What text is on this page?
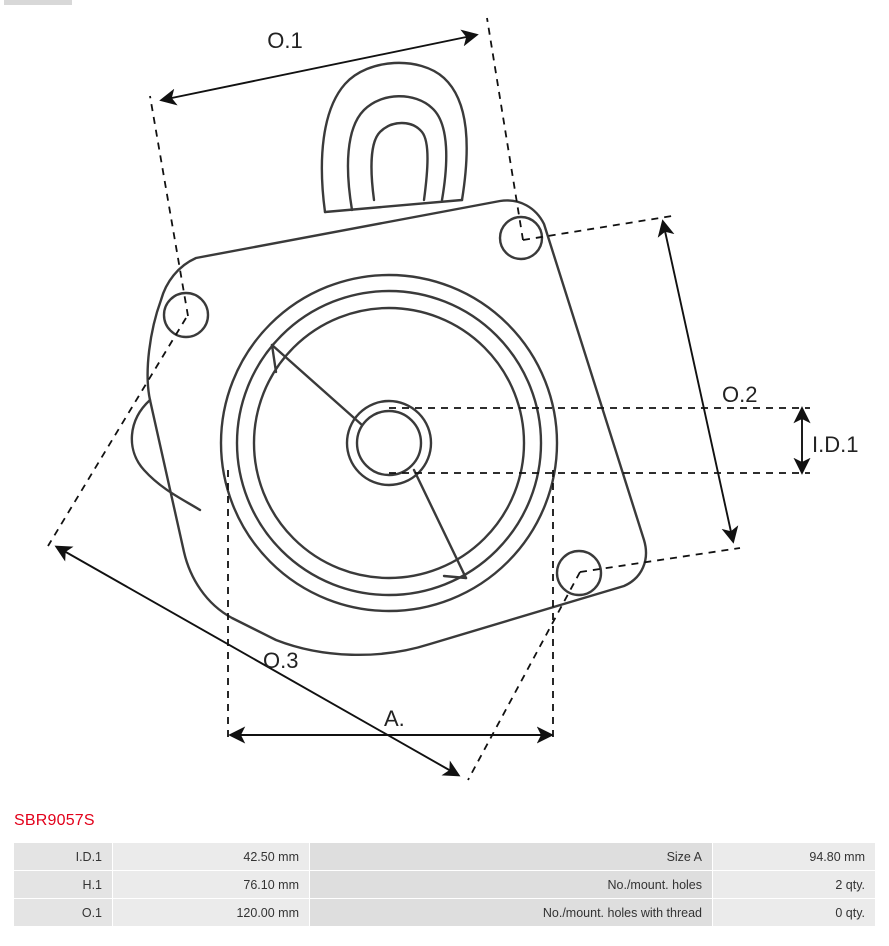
O.1
O.2
O.3
A.
I.D.1
SBR9057S
I.D.1	42.50 mm	Size A	94.80 mm
H.1	76.10 mm	No./mount. holes	2 qty.
O.1	120.00 mm	No./mount. holes with thread	0 qty.
